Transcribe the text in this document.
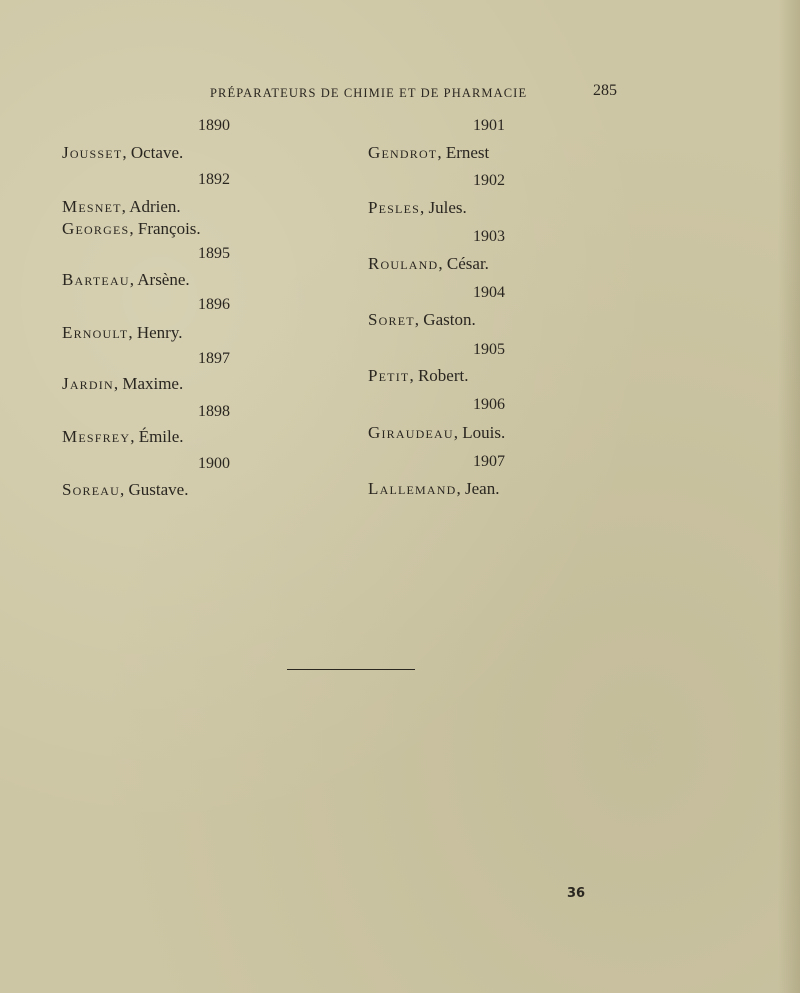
PRÉPARATEURS DE CHIMIE ET DE PHARMACIE	285
1890
Jousset, Octave.
1892
Mesnet, Adrien.
Georges, François.
1895
Barteau, Arsène.
1896
Ernoult, Henry.
1897
Jardin, Maxime.
1898
Mesfrey, Émile.
1900
Soreau, Gustave.
1901
Gendrot, Ernest
1902
Pesles, Jules.
1903
Rouland, César.
1904
Soret, Gaston.
1905
Petit, Robert.
1906
Giraudeau, Louis.
1907
Lallemand, Jean.
36
